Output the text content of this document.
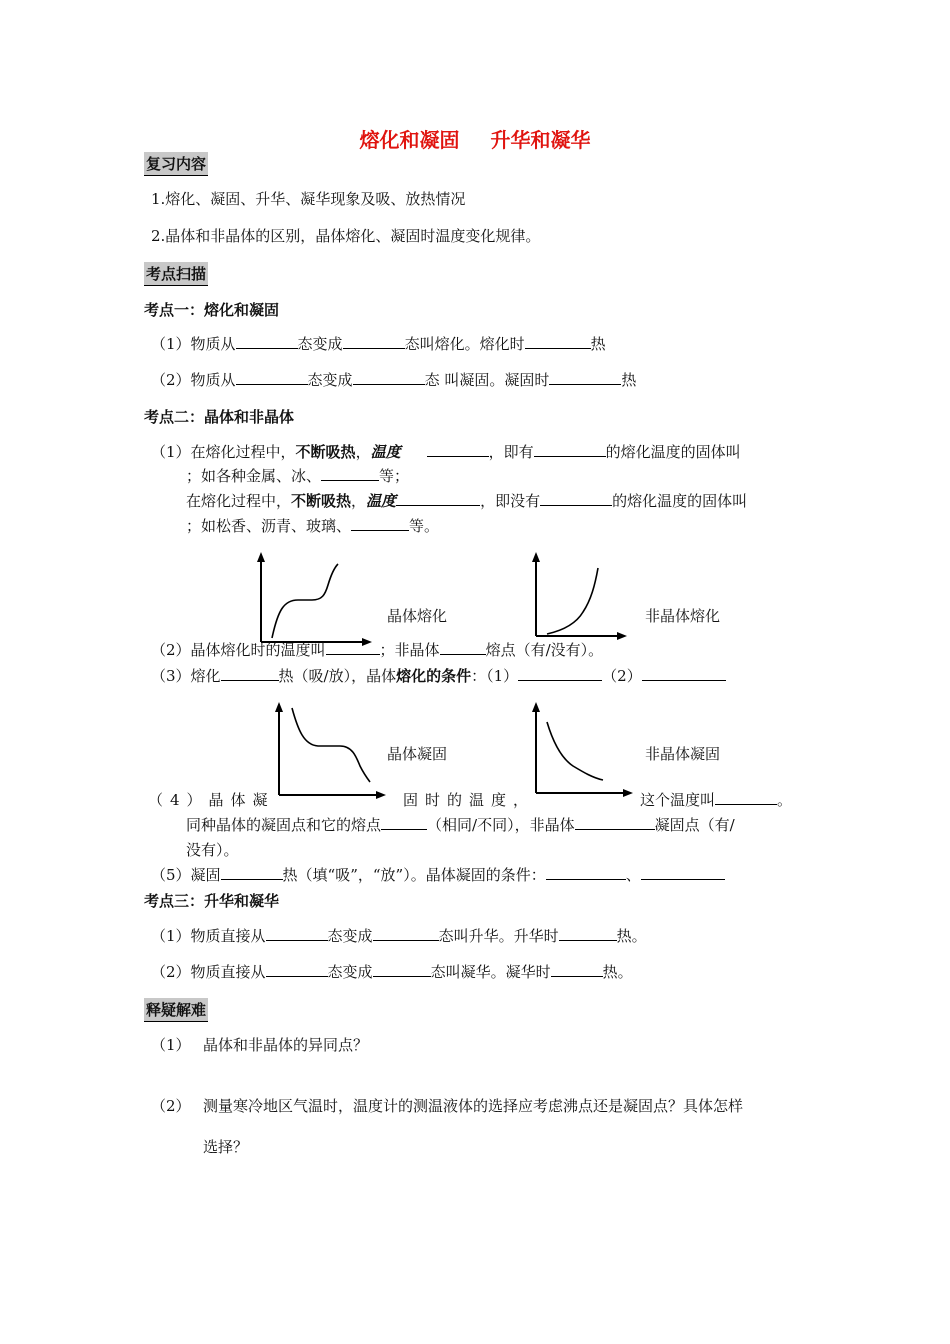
熔化和凝固 升华和凝华
复习内容
1.熔化、凝固、升华、凝华现象及吸、放热情况
2.晶体和非晶体的区别，晶体熔化、凝固时温度变化规律。
考点扫描
考点一：熔化和凝固
（1）物质从	态变成	态叫熔化。熔化时	热
（2）物质从	态变成	态 叫凝固。凝固时	热
考点二：晶体和非晶体
（1）在熔化过程中，不断吸热，温度	，即有	的熔化温度的固体叫
；如各种金属、冰、	等；
在熔化过程中，不断吸热，温度	，即没有	的熔化温度的固体叫
；如松香、沥青、玻璃、	等。
晶体熔化	非晶体熔化
（2）晶体熔化时的温度叫	；非晶体	熔点（有/没有）。
（3）熔化	热（吸/放），晶体熔化的条件：（1）	（2）
晶体凝固	非晶体凝固
（4）晶体凝	固时的温度，	这个温度叫	。
同种晶体的凝固点和它的熔点	（相同/不同），非晶体	凝固点（有/
没有）。
（5）凝固	热（填“吸”，“放”）。晶体凝固的条件：	、
考点三：升华和凝华
（1）物质直接从	态变成	态叫升华。升华时	热。
（2）物质直接从	态变成	态叫凝华。凝华时	热。
释疑解难
（1） 晶体和非晶体的异同点？
（2） 测量寒冷地区气温时，温度计的测温液体的选择应考虑沸点还是凝固点？具体怎样
选择？
